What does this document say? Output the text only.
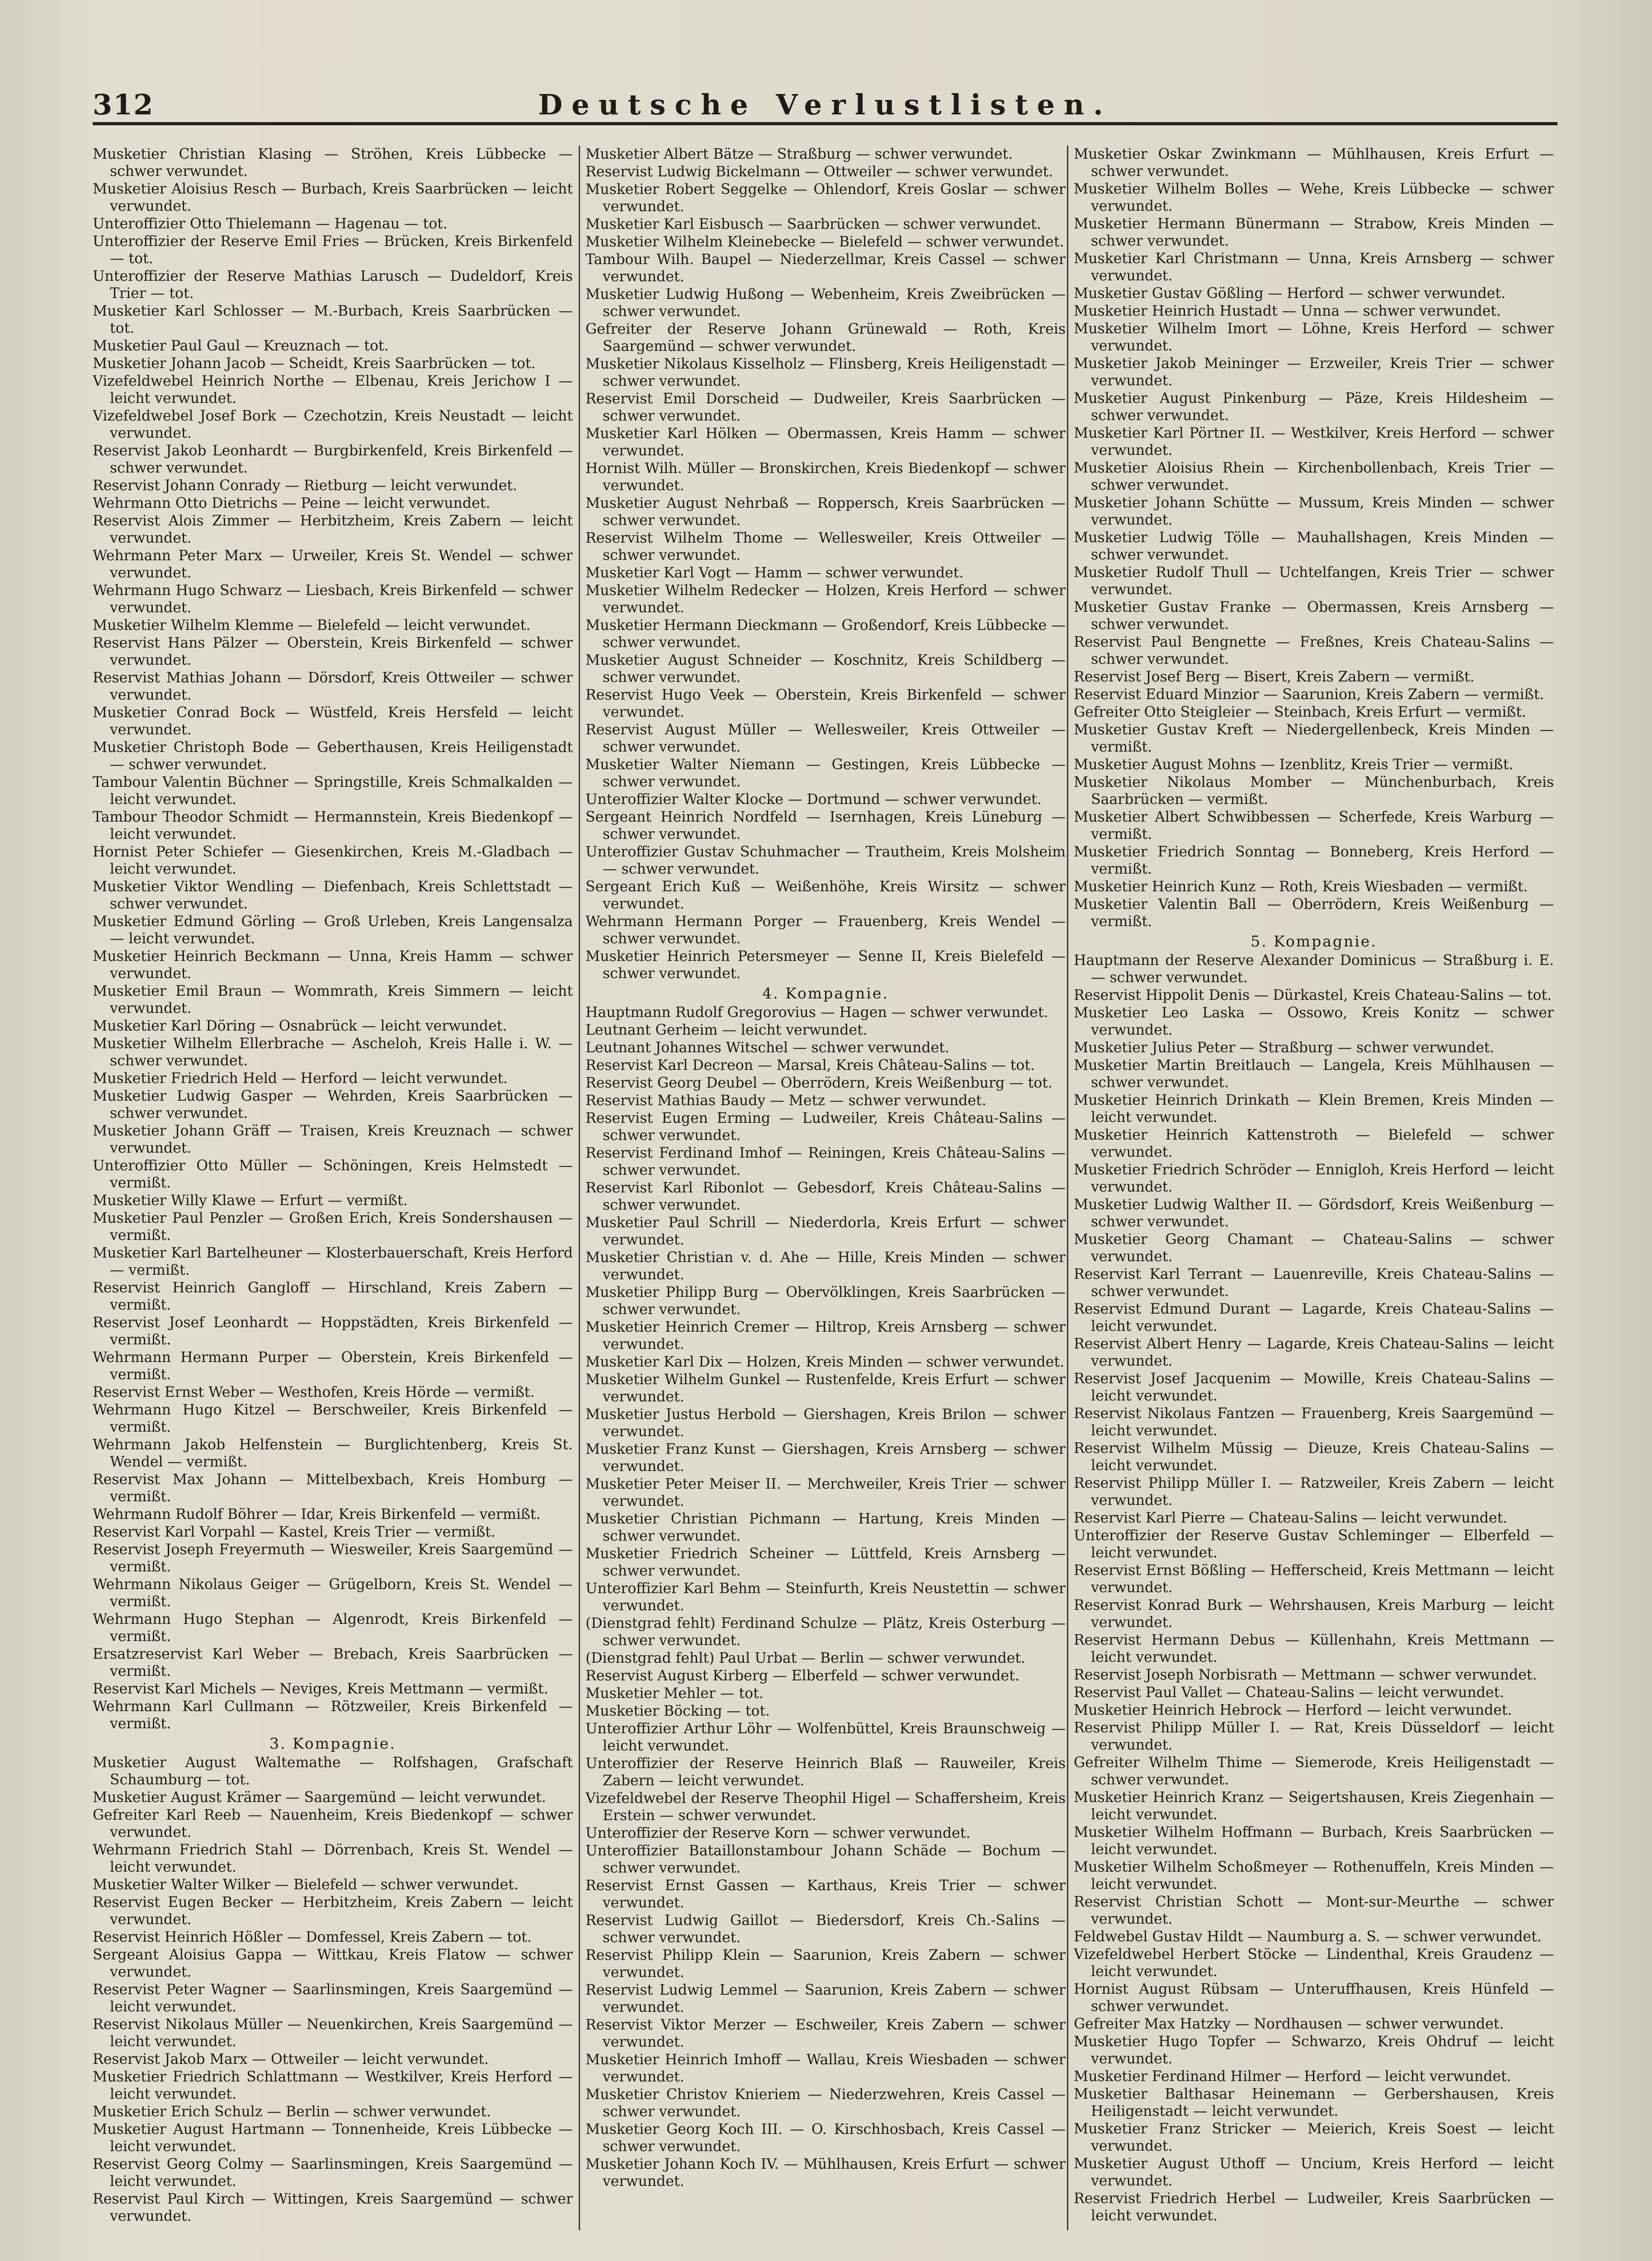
312	Deutsche Verlustlisten.
Musketier Christian Klasing — Ströhen, Kreis Lübbecke — schwer verwundet.
Musketier Aloisius Resch — Burbach, Kreis Saarbrücken — leicht verwundet.
Unteroffizier Otto Thielemann — Hagenau — tot.
Unteroffizier der Reserve Emil Fries — Brücken, Kreis Birkenfeld — tot.
Unteroffizier der Reserve Mathias Larusch — Dudeldorf, Kreis Trier — tot.
Musketier Karl Schlosser — M.-Burbach, Kreis Saarbrücken — tot.
Musketier Paul Gaul — Kreuznach — tot.
Musketier Johann Jacob — Scheidt, Kreis Saarbrücken — tot.
Vizefeldwebel Heinrich Northe — Elbenau, Kreis Jerichow I — leicht verwundet.
Vizefeldwebel Josef Bork — Czechotzin, Kreis Neustadt — leicht verwundet.
Reservist Jakob Leonhardt — Burgbirkenfeld, Kreis Birkenfeld — schwer verwundet.
Reservist Johann Conrady — Rietburg — leicht verwundet.
Wehrmann Otto Dietrichs — Peine — leicht verwundet.
Reservist Alois Zimmer — Herbitzheim, Kreis Zabern — leicht verwundet.
Wehrmann Peter Marx — Urweiler, Kreis St. Wendel — schwer verwundet.
Wehrmann Hugo Schwarz — Liesbach, Kreis Birkenfeld — schwer verwundet.
Musketier Wilhelm Klemme — Bielefeld — leicht verwundet.
Reservist Hans Pälzer — Oberstein, Kreis Birkenfeld — schwer verwundet.
Reservist Mathias Johann — Dörsdorf, Kreis Ottweiler — schwer verwundet.
Musketier Conrad Bock — Wüstfeld, Kreis Hersfeld — leicht verwundet.
Musketier Christoph Bode — Geberthausen, Kreis Heiligenstadt — schwer verwundet.
Tambour Valentin Büchner — Springstille, Kreis Schmalkalden — leicht verwundet.
Tambour Theodor Schmidt — Hermannstein, Kreis Biedenkopf — leicht verwundet.
Hornist Peter Schiefer — Giesenkirchen, Kreis M.-Gladbach — leicht verwundet.
Musketier Viktor Wendling — Diefenbach, Kreis Schlettstadt — schwer verwundet.
Musketier Edmund Görling — Groß Urleben, Kreis Langensalza — leicht verwundet.
Musketier Heinrich Beckmann — Unna, Kreis Hamm — schwer verwundet.
Musketier Emil Braun — Wommrath, Kreis Simmern — leicht verwundet.
Musketier Karl Döring — Osnabrück — leicht verwundet.
Musketier Wilhelm Ellerbrache — Ascheloh, Kreis Halle i. W. — schwer verwundet.
Musketier Friedrich Held — Herford — leicht verwundet.
Musketier Ludwig Gasper — Wehrden, Kreis Saarbrücken — schwer verwundet.
Musketier Johann Gräff — Traisen, Kreis Kreuznach — schwer verwundet.
Unteroffizier Otto Müller — Schöningen, Kreis Helmstedt — vermißt.
Musketier Willy Klawe — Erfurt — vermißt.
Musketier Paul Penzler — Großen Erich, Kreis Sondershausen — vermißt.
Musketier Karl Bartelheuner — Klosterbauerschaft, Kreis Herford — vermißt.
Reservist Heinrich Gangloff — Hirschland, Kreis Zabern — vermißt.
Reservist Josef Leonhardt — Hoppstädten, Kreis Birkenfeld — vermißt.
Wehrmann Hermann Purper — Oberstein, Kreis Birkenfeld — vermißt.
Reservist Ernst Weber — Westhofen, Kreis Hörde — vermißt.
Wehrmann Hugo Kitzel — Berschweiler, Kreis Birkenfeld — vermißt.
Wehrmann Jakob Helfenstein — Burglichtenberg, Kreis St. Wendel — vermißt.
Reservist Max Johann — Mittelbexbach, Kreis Homburg — vermißt.
Wehrmann Rudolf Böhrer — Idar, Kreis Birkenfeld — vermißt.
Reservist Karl Vorpahl — Kastel, Kreis Trier — vermißt.
Reservist Joseph Freyermuth — Wiesweiler, Kreis Saargemünd — vermißt.
Wehrmann Nikolaus Geiger — Grügelborn, Kreis St. Wendel — vermißt.
Wehrmann Hugo Stephan — Algenrodt, Kreis Birkenfeld — vermißt.
Ersatzreservist Karl Weber — Brebach, Kreis Saarbrücken — vermißt.
Reservist Karl Michels — Neviges, Kreis Mettmann — vermißt.
Wehrmann Karl Cullmann — Rötzweiler, Kreis Birkenfeld — vermißt.
3. Kompagnie.
Musketier August Waltemathe — Rolfshagen, Grafschaft Schaumburg — tot.
Musketier August Krämer — Saargemünd — leicht verwundet.
Gefreiter Karl Reeb — Nauenheim, Kreis Biedenkopf — schwer verwundet.
Wehrmann Friedrich Stahl — Dörrenbach, Kreis St. Wendel — leicht verwundet.
Musketier Walter Wilker — Bielefeld — schwer verwundet.
Reservist Eugen Becker — Herbitzheim, Kreis Zabern — leicht verwundet.
Reservist Heinrich Hößler — Domfessel, Kreis Zabern — tot.
Sergeant Aloisius Gappa — Wittkau, Kreis Flatow — schwer verwundet.
Reservist Peter Wagner — Saarlinsmingen, Kreis Saargemünd — leicht verwundet.
Reservist Nikolaus Müller — Neuenkirchen, Kreis Saargemünd — leicht verwundet.
Reservist Jakob Marx — Ottweiler — leicht verwundet.
Musketier Friedrich Schlattmann — Westkilver, Kreis Herford — leicht verwundet.
Musketier Erich Schulz — Berlin — schwer verwundet.
Musketier August Hartmann — Tonnenheide, Kreis Lübbecke — leicht verwundet.
Reservist Georg Colmy — Saarlinsmingen, Kreis Saargemünd — leicht verwundet.
Reservist Paul Kirch — Wittingen, Kreis Saargemünd — schwer verwundet.
Musketier Albert Bätze — Straßburg — schwer verwundet.
Reservist Ludwig Bickelmann — Ottweiler — schwer verwundet.
Musketier Robert Seggelke — Ohlendorf, Kreis Goslar — schwer verwundet.
Musketier Karl Eisbusch — Saarbrücken — schwer verwundet.
Musketier Wilhelm Kleinebecke — Bielefeld — schwer verwundet.
Tambour Wilh. Baupel — Niederzellmar, Kreis Cassel — schwer verwundet.
Musketier Ludwig Hußong — Webenheim, Kreis Zweibrücken — schwer verwundet.
Gefreiter der Reserve Johann Grünewald — Roth, Kreis Saargemünd — schwer verwundet.
Musketier Nikolaus Kisselholz — Flinsberg, Kreis Heiligenstadt — schwer verwundet.
Reservist Emil Dorscheid — Dudweiler, Kreis Saarbrücken — schwer verwundet.
Musketier Karl Hölken — Obermassen, Kreis Hamm — schwer verwundet.
Hornist Wilh. Müller — Bronskirchen, Kreis Biedenkopf — schwer verwundet.
Musketier August Nehrbaß — Roppersch, Kreis Saarbrücken — schwer verwundet.
Reservist Wilhelm Thome — Wellesweiler, Kreis Ottweiler — schwer verwundet.
Musketier Karl Vogt — Hamm — schwer verwundet.
Musketier Wilhelm Redecker — Holzen, Kreis Herford — schwer verwundet.
Musketier Hermann Dieckmann — Großendorf, Kreis Lübbecke — schwer verwundet.
Musketier August Schneider — Koschnitz, Kreis Schildberg — schwer verwundet.
Reservist Hugo Veek — Oberstein, Kreis Birkenfeld — schwer verwundet.
Reservist August Müller — Wellesweiler, Kreis Ottweiler — schwer verwundet.
Musketier Walter Niemann — Gestingen, Kreis Lübbecke — schwer verwundet.
Unteroffizier Walter Klocke — Dortmund — schwer verwundet.
Sergeant Heinrich Nordfeld — Isernhagen, Kreis Lüneburg — schwer verwundet.
Unteroffizier Gustav Schuhmacher — Trautheim, Kreis Molsheim — schwer verwundet.
Sergeant Erich Kuß — Weißenhöhe, Kreis Wirsitz — schwer verwundet.
Wehrmann Hermann Porger — Frauenberg, Kreis Wendel — schwer verwundet.
Musketier Heinrich Petersmeyer — Senne II, Kreis Bielefeld — schwer verwundet.
4. Kompagnie.
Hauptmann Rudolf Gregorovius — Hagen — schwer verwundet.
Leutnant Gerheim — leicht verwundet.
Leutnant Johannes Witschel — schwer verwundet.
Reservist Karl Decreon — Marsal, Kreis Château-Salins — tot.
Reservist Georg Deubel — Oberrödern, Kreis Weißenburg — tot.
Reservist Mathias Baudy — Metz — schwer verwundet.
Reservist Eugen Erming — Ludweiler, Kreis Château-Salins — schwer verwundet.
Reservist Ferdinand Imhof — Reiningen, Kreis Château-Salins — schwer verwundet.
Reservist Karl Ribonlot — Gebesdorf, Kreis Château-Salins — schwer verwundet.
Musketier Paul Schrill — Niederdorla, Kreis Erfurt — schwer verwundet.
Musketier Christian v. d. Ahe — Hille, Kreis Minden — schwer verwundet.
Musketier Philipp Burg — Obervölklingen, Kreis Saarbrücken — schwer verwundet.
Musketier Heinrich Cremer — Hiltrop, Kreis Arnsberg — schwer verwundet.
Musketier Karl Dix — Holzen, Kreis Minden — schwer verwundet.
Musketier Wilhelm Gunkel — Rustenfelde, Kreis Erfurt — schwer verwundet.
Musketier Justus Herbold — Giershagen, Kreis Brilon — schwer verwundet.
Musketier Franz Kunst — Giershagen, Kreis Arnsberg — schwer verwundet.
Musketier Peter Meiser II. — Merchweiler, Kreis Trier — schwer verwundet.
Musketier Christian Pichmann — Hartung, Kreis Minden — schwer verwundet.
Musketier Friedrich Scheiner — Lüttfeld, Kreis Arnsberg — schwer verwundet.
Unteroffizier Karl Behm — Steinfurth, Kreis Neustettin — schwer verwundet.
(Dienstgrad fehlt) Ferdinand Schulze — Plätz, Kreis Osterburg — schwer verwundet.
(Dienstgrad fehlt) Paul Urbat — Berlin — schwer verwundet.
Reservist August Kirberg — Elberfeld — schwer verwundet.
Musketier Mehler — tot.
Musketier Böcking — tot.
Unteroffizier Arthur Löhr — Wolfenbüttel, Kreis Braunschweig — leicht verwundet.
Unteroffizier der Reserve Heinrich Blaß — Rauweiler, Kreis Zabern — leicht verwundet.
Vizefeldwebel der Reserve Theophil Higel — Schaffersheim, Kreis Erstein — schwer verwundet.
Unteroffizier der Reserve Korn — schwer verwundet.
Unteroffizier Bataillonstambour Johann Schäde — Bochum — schwer verwundet.
Reservist Ernst Gassen — Karthaus, Kreis Trier — schwer verwundet.
Reservist Ludwig Gaillot — Biedersdorf, Kreis Ch.-Salins — schwer verwundet.
Reservist Philipp Klein — Saarunion, Kreis Zabern — schwer verwundet.
Reservist Ludwig Lemmel — Saarunion, Kreis Zabern — schwer verwundet.
Reservist Viktor Merzer — Eschweiler, Kreis Zabern — schwer verwundet.
Musketier Heinrich Imhoff — Wallau, Kreis Wiesbaden — schwer verwundet.
Musketier Christov Knieriem — Niederzwehren, Kreis Cassel — schwer verwundet.
Musketier Georg Koch III. — O. Kirschhosbach, Kreis Cassel — schwer verwundet.
Musketier Johann Koch IV. — Mühlhausen, Kreis Erfurt — schwer verwundet.
Musketier Oskar Zwinkmann — Mühlhausen, Kreis Erfurt — schwer verwundet.
Musketier Wilhelm Bolles — Wehe, Kreis Lübbecke — schwer verwundet.
Musketier Hermann Bünermann — Strabow, Kreis Minden — schwer verwundet.
Musketier Karl Christmann — Unna, Kreis Arnsberg — schwer verwundet.
Musketier Gustav Gößling — Herford — schwer verwundet.
Musketier Heinrich Hustadt — Unna — schwer verwundet.
Musketier Wilhelm Imort — Löhne, Kreis Herford — schwer verwundet.
Musketier Jakob Meininger — Erzweiler, Kreis Trier — schwer verwundet.
Musketier August Pinkenburg — Päze, Kreis Hildesheim — schwer verwundet.
Musketier Karl Pörtner II. — Westkilver, Kreis Herford — schwer verwundet.
Musketier Aloisius Rhein — Kirchenbollenbach, Kreis Trier — schwer verwundet.
Musketier Johann Schütte — Mussum, Kreis Minden — schwer verwundet.
Musketier Ludwig Tölle — Mauhallshagen, Kreis Minden — schwer verwundet.
Musketier Rudolf Thull — Uchtelfangen, Kreis Trier — schwer verwundet.
Musketier Gustav Franke — Obermassen, Kreis Arnsberg — schwer verwundet.
Reservist Paul Bengnette — Freßnes, Kreis Chateau-Salins — schwer verwundet.
Reservist Josef Berg — Bisert, Kreis Zabern — vermißt.
Reservist Eduard Minzior — Saarunion, Kreis Zabern — vermißt.
Gefreiter Otto Steigleier — Steinbach, Kreis Erfurt — vermißt.
Musketier Gustav Kreft — Niedergellenbeck, Kreis Minden — vermißt.
Musketier August Mohns — Izenblitz, Kreis Trier — vermißt.
Musketier Nikolaus Momber — Münchenburbach, Kreis Saarbrücken — vermißt.
Musketier Albert Schwibbessen — Scherfede, Kreis Warburg — vermißt.
Musketier Friedrich Sonntag — Bonneberg, Kreis Herford — vermißt.
Musketier Heinrich Kunz — Roth, Kreis Wiesbaden — vermißt.
Musketier Valentin Ball — Oberrödern, Kreis Weißenburg — vermißt.
5. Kompagnie.
Hauptmann der Reserve Alexander Dominicus — Straßburg i. E. — schwer verwundet.
Reservist Hippolit Denis — Dürkastel, Kreis Chateau-Salins — tot.
Musketier Leo Laska — Ossowo, Kreis Konitz — schwer verwundet.
Musketier Julius Peter — Straßburg — schwer verwundet.
Musketier Martin Breitlauch — Langela, Kreis Mühlhausen — schwer verwundet.
Musketier Heinrich Drinkath — Klein Bremen, Kreis Minden — leicht verwundet.
Musketier Heinrich Kattenstroth — Bielefeld — schwer verwundet.
Musketier Friedrich Schröder — Ennigloh, Kreis Herford — leicht verwundet.
Musketier Ludwig Walther II. — Gördsdorf, Kreis Weißenburg — schwer verwundet.
Musketier Georg Chamant — Chateau-Salins — schwer verwundet.
Reservist Karl Terrant — Lauenreville, Kreis Chateau-Salins — schwer verwundet.
Reservist Edmund Durant — Lagarde, Kreis Chateau-Salins — leicht verwundet.
Reservist Albert Henry — Lagarde, Kreis Chateau-Salins — leicht verwundet.
Reservist Josef Jacquenim — Mowille, Kreis Chateau-Salins — leicht verwundet.
Reservist Nikolaus Fantzen — Frauenberg, Kreis Saargemünd — leicht verwundet.
Reservist Wilhelm Müssig — Dieuze, Kreis Chateau-Salins — leicht verwundet.
Reservist Philipp Müller I. — Ratzweiler, Kreis Zabern — leicht verwundet.
Reservist Karl Pierre — Chateau-Salins — leicht verwundet.
Unteroffizier der Reserve Gustav Schleminger — Elberfeld — leicht verwundet.
Reservist Ernst Bößling — Hefferscheid, Kreis Mettmann — leicht verwundet.
Reservist Konrad Burk — Wehrshausen, Kreis Marburg — leicht verwundet.
Reservist Hermann Debus — Küllenhahn, Kreis Mettmann — leicht verwundet.
Reservist Joseph Norbisrath — Mettmann — schwer verwundet.
Reservist Paul Vallet — Chateau-Salins — leicht verwundet.
Musketier Heinrich Hebrock — Herford — leicht verwundet.
Reservist Philipp Müller I. — Rat, Kreis Düsseldorf — leicht verwundet.
Gefreiter Wilhelm Thime — Siemerode, Kreis Heiligenstadt — schwer verwundet.
Musketier Heinrich Kranz — Seigertshausen, Kreis Ziegenhain — leicht verwundet.
Musketier Wilhelm Hoffmann — Burbach, Kreis Saarbrücken — leicht verwundet.
Musketier Wilhelm Schoßmeyer — Rothenuffeln, Kreis Minden — leicht verwundet.
Reservist Christian Schott — Mont-sur-Meurthe — schwer verwundet.
Feldwebel Gustav Hildt — Naumburg a. S. — schwer verwundet.
Vizefeldwebel Herbert Stöcke — Lindenthal, Kreis Graudenz — leicht verwundet.
Hornist August Rübsam — Unteruffhausen, Kreis Hünfeld — schwer verwundet.
Gefreiter Max Hatzky — Nordhausen — schwer verwundet.
Musketier Hugo Topfer — Schwarzo, Kreis Ohdruf — leicht verwundet.
Musketier Ferdinand Hilmer — Herford — leicht verwundet.
Musketier Balthasar Heinemann — Gerbershausen, Kreis Heiligenstadt — leicht verwundet.
Musketier Franz Stricker — Meierich, Kreis Soest — leicht verwundet.
Musketier August Uthoff — Uncium, Kreis Herford — leicht verwundet.
Reservist Friedrich Herbel — Ludweiler, Kreis Saarbrücken — leicht verwundet.
